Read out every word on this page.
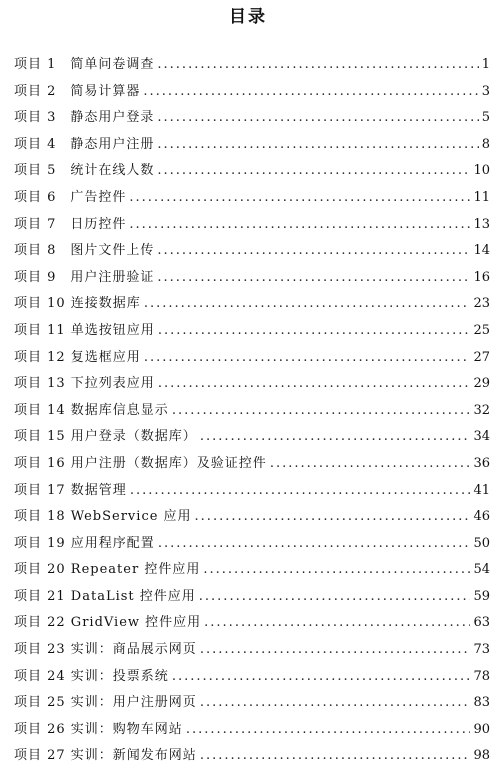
目录
项目 1　简单问卷调查 .....	1
项目 2　简易计算器 .....	3
项目 3　静态用户登录 .....	5
项目 4　静态用户注册 .....	8
项目 5　统计在线人数 .....	10
项目 6　广告控件 .....	11
项目 7　日历控件 .....	13
项目 8　图片文件上传 .....	14
项目 9　用户注册验证 .....	16
项目 10 连接数据库 .....	23
项目 11 单选按钮应用 .....	25
项目 12 复选框应用 .....	27
项目 13 下拉列表应用 .....	29
项目 14 数据库信息显示 .....	32
项目 15 用户登录（数据库） .....	34
项目 16 用户注册（数据库）及验证控件 .....	36
项目 17 数据管理 .....	41
项目 18 WebService 应用 .....	46
项目 19 应用程序配置 .....	50
项目 20 Repeater 控件应用 .....	54
项目 21 DataList 控件应用 .....	59
项目 22 GridView 控件应用 .....	63
项目 23 实训：商品展示网页 .....	73
项目 24 实训：投票系统 .....	78
项目 25 实训：用户注册网页 .....	83
项目 26 实训：购物车网站 .....	90
项目 27 实训：新闻发布网站 .....	98
